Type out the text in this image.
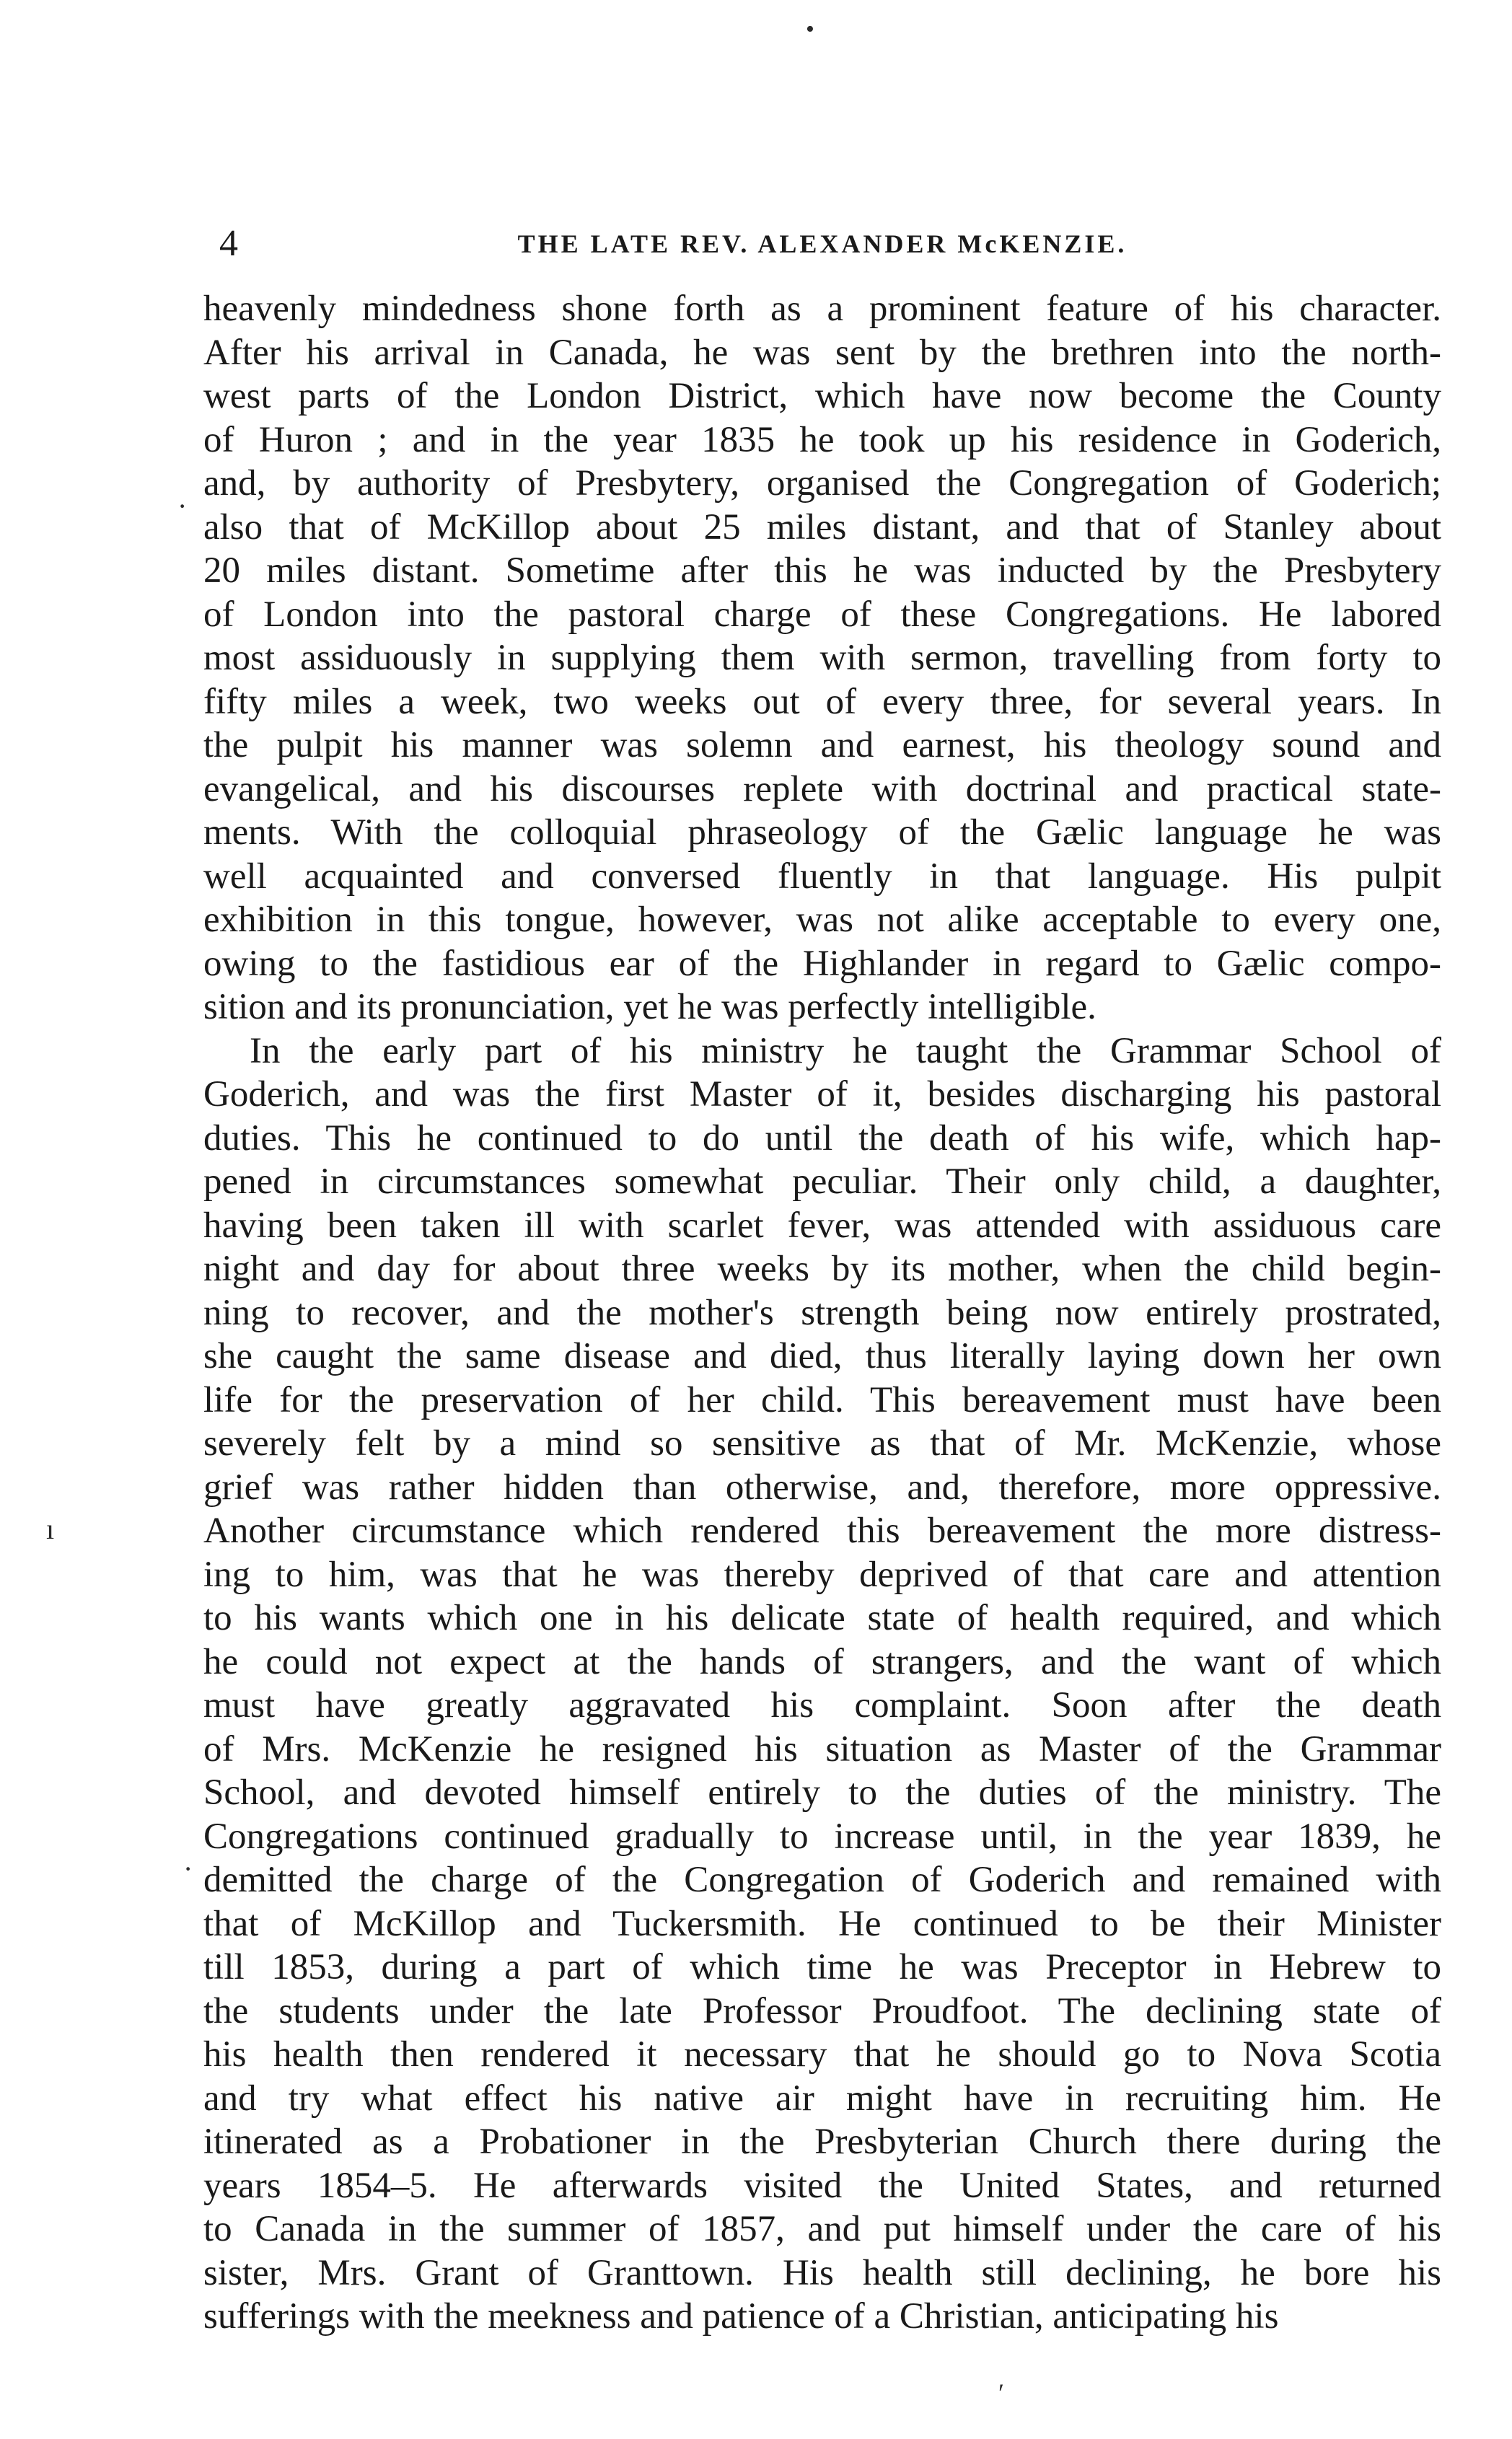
•
·
ı
·
′
4	THE LATE REV. ALEXANDER McKENZIE.
heavenly mindedness shone forth as a prominent feature of his character.
After his arrival in Canada, he was sent by the brethren into the north-
west parts of the London District, which have now become the County
of Huron ; and in the year 1835 he took up his residence in Goderich,
and, by authority of Presbytery, organised the Congregation of Goderich;
also that of McKillop about 25 miles distant, and that of Stanley about
20 miles distant. Sometime after this he was inducted by the Presbytery
of London into the pastoral charge of these Congregations. He labored
most assiduously in supplying them with sermon, travelling from forty to
fifty miles a week, two weeks out of every three, for several years. In
the pulpit his manner was solemn and earnest, his theology sound and
evangelical, and his discourses replete with doctrinal and practical state-
ments. With the colloquial phraseology of the Gælic language he was
well acquainted and conversed fluently in that language. His pulpit
exhibition in this tongue, however, was not alike acceptable to every one,
owing to the fastidious ear of the Highlander in regard to Gælic compo-
sition and its pronunciation, yet he was perfectly intelligible.
In the early part of his ministry he taught the Grammar School of
Goderich, and was the first Master of it, besides discharging his pastoral
duties. This he continued to do until the death of his wife, which hap-
pened in circumstances somewhat peculiar. Their only child, a daughter,
having been taken ill with scarlet fever, was attended with assiduous care
night and day for about three weeks by its mother, when the child begin-
ning to recover, and the mother's strength being now entirely prostrated,
she caught the same disease and died, thus literally laying down her own
life for the preservation of her child. This bereavement must have been
severely felt by a mind so sensitive as that of Mr. McKenzie, whose
grief was rather hidden than otherwise, and, therefore, more oppressive.
Another circumstance which rendered this bereavement the more distress-
ing to him, was that he was thereby deprived of that care and attention
to his wants which one in his delicate state of health required, and which
he could not expect at the hands of strangers, and the want of which
must have greatly aggravated his complaint. Soon after the death
of Mrs. McKenzie he resigned his situation as Master of the Grammar
School, and devoted himself entirely to the duties of the ministry. The
Congregations continued gradually to increase until, in the year 1839, he
demitted the charge of the Congregation of Goderich and remained with
that of McKillop and Tuckersmith. He continued to be their Minister
till 1853, during a part of which time he was Preceptor in Hebrew to
the students under the late Professor Proudfoot. The declining state of
his health then rendered it necessary that he should go to Nova Scotia
and try what effect his native air might have in recruiting him. He
itinerated as a Probationer in the Presbyterian Church there during the
years 1854–5. He afterwards visited the United States, and returned
to Canada in the summer of 1857, and put himself under the care of his
sister, Mrs. Grant of Granttown. His health still declining, he bore his
sufferings with the meekness and patience of a Christian, anticipating his
